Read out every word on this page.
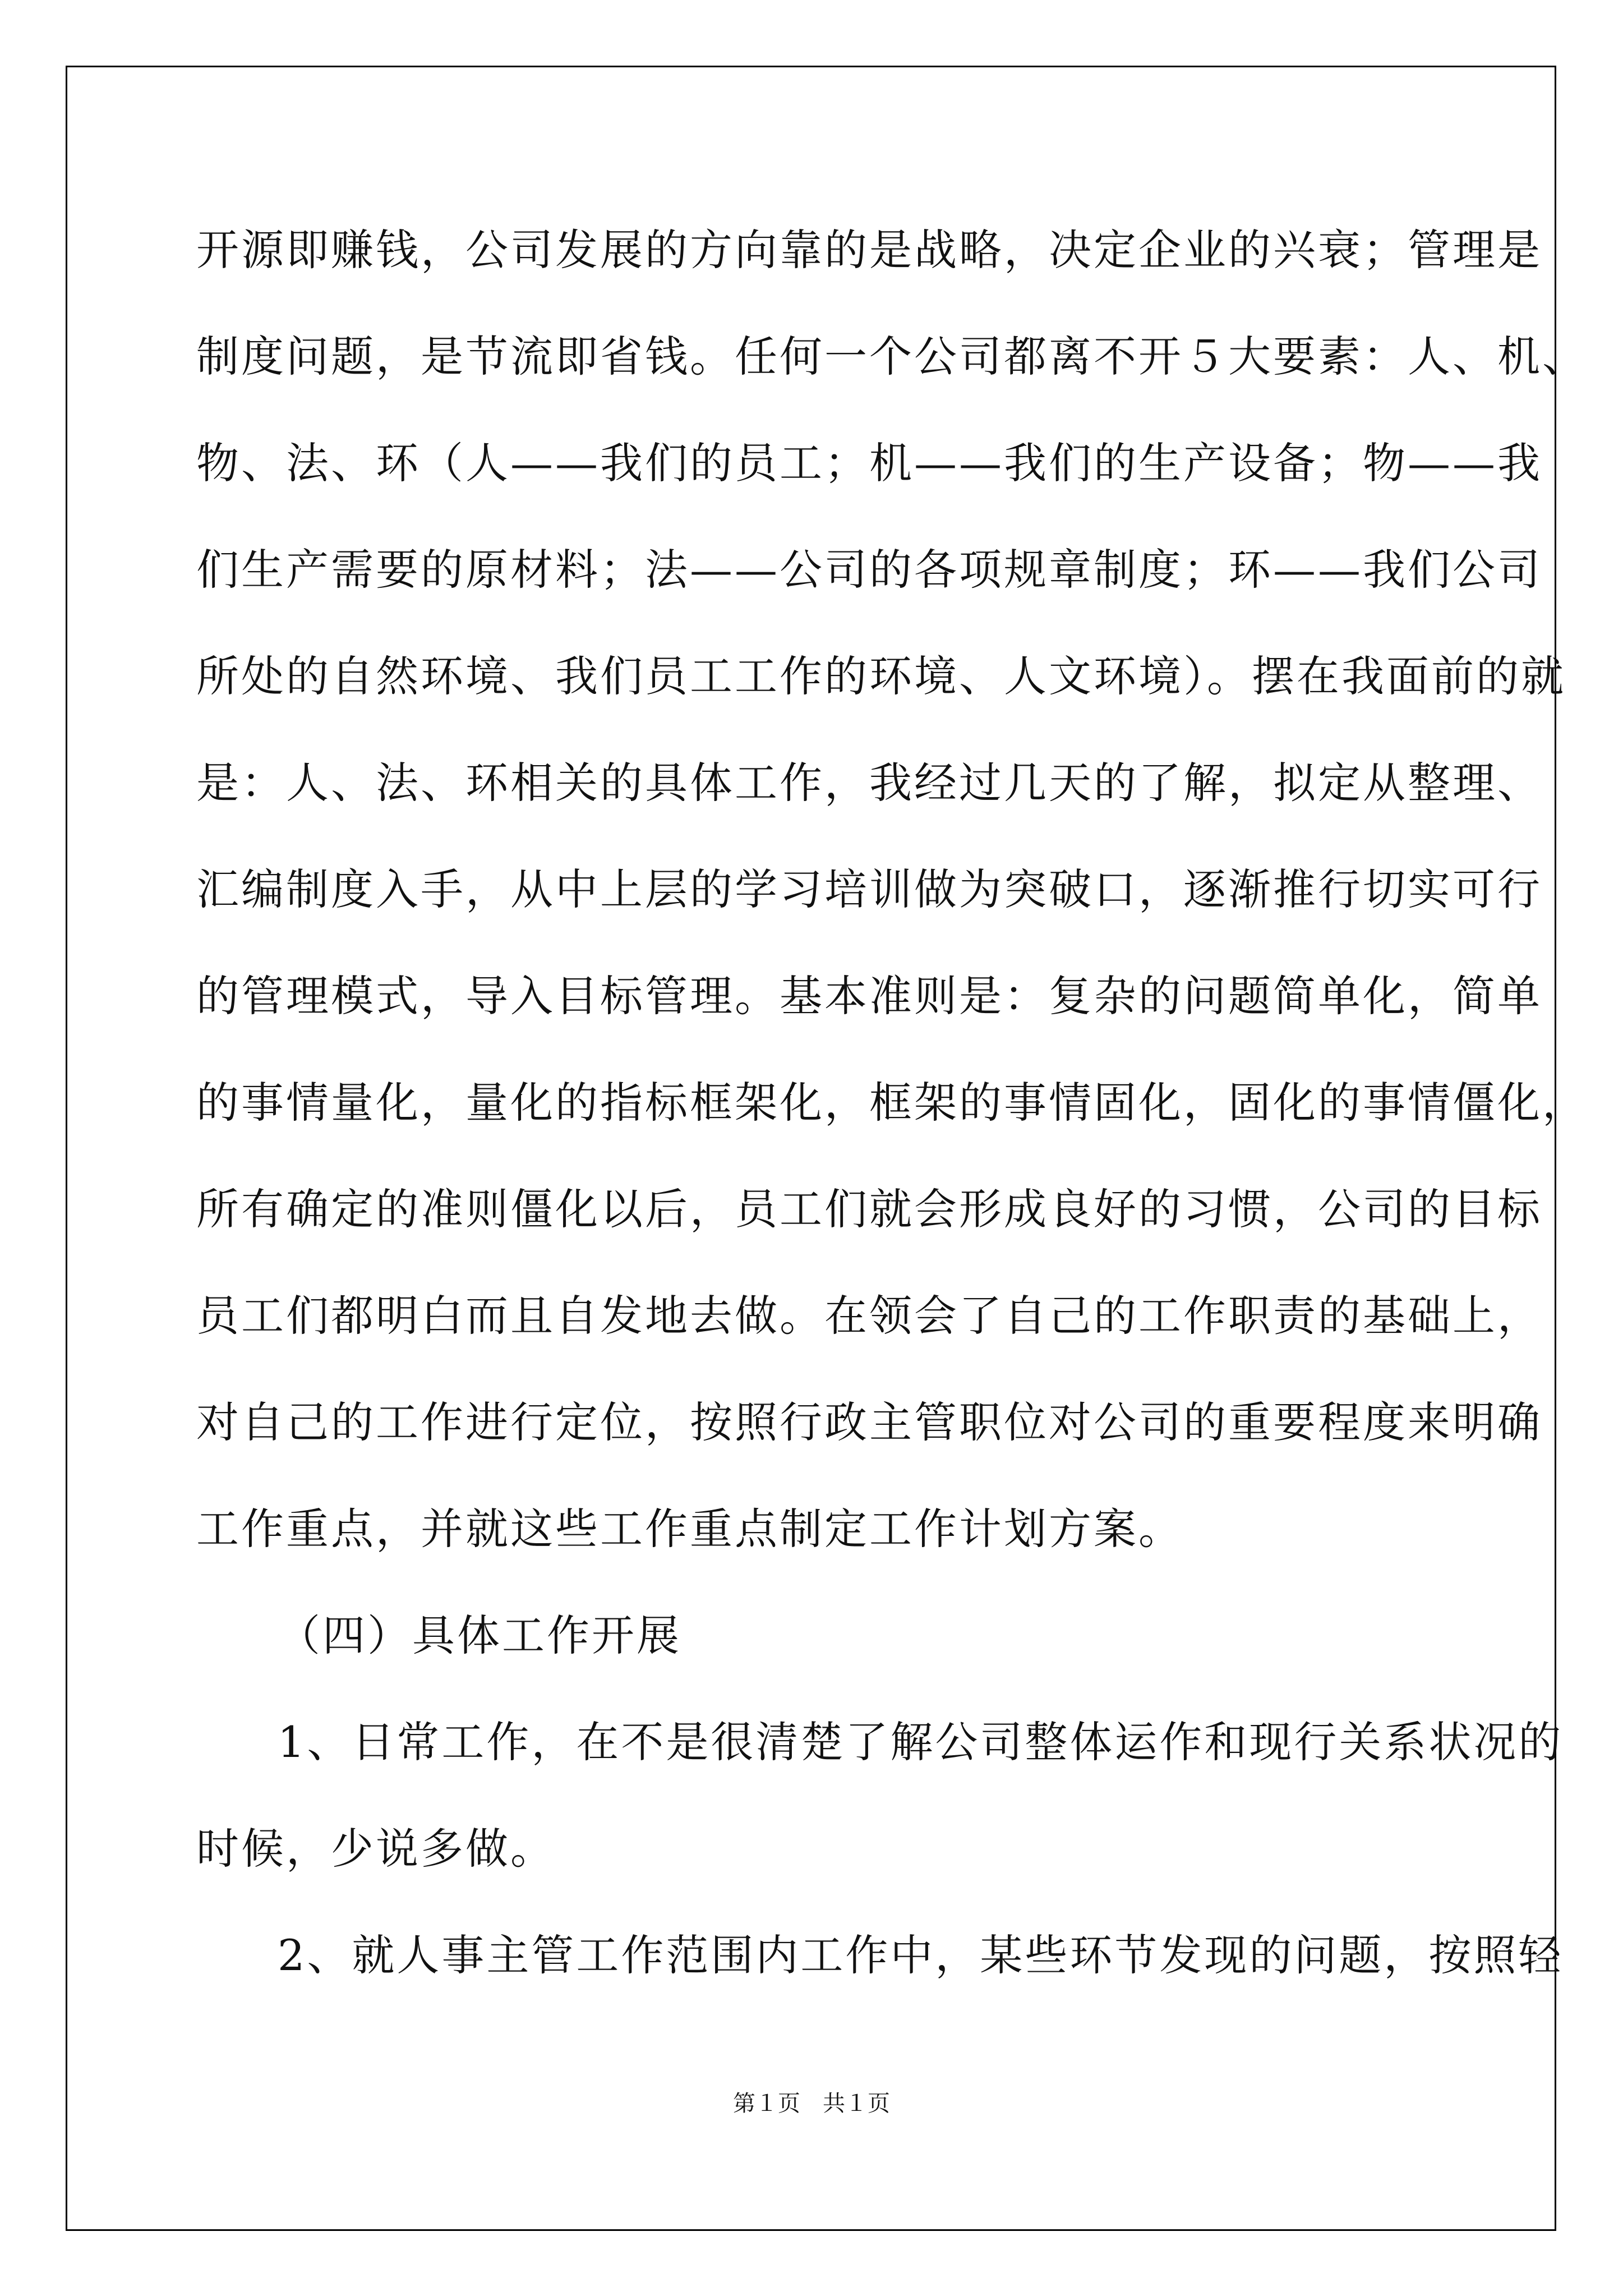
开源即赚钱，公司发展的方向靠的是战略，决定企业的兴衰；管理是
制度问题，是节流即省钱。任何一个公司都离不开５大要素：人、机、
物、法、环（人——我们的员工；机——我们的生产设备；物——我
们生产需要的原材料；法——公司的各项规章制度；环——我们公司
所处的自然环境、我们员工工作的环境、人文环境）。摆在我面前的就
是：人、法、环相关的具体工作，我经过几天的了解，拟定从整理、
汇编制度入手，从中上层的学习培训做为突破口，逐渐推行切实可行
的管理模式，导入目标管理。基本准则是：复杂的问题简单化，简单
的事情量化，量化的指标框架化，框架的事情固化，固化的事情僵化，
所有确定的准则僵化以后，员工们就会形成良好的习惯，公司的目标
员工们都明白而且自发地去做。在领会了自己的工作职责的基础上，
对自己的工作进行定位，按照行政主管职位对公司的重要程度来明确
工作重点，并就这些工作重点制定工作计划方案。
（四）具体工作开展
1、日常工作，在不是很清楚了解公司整体运作和现行关系状况的
时候，少说多做。
2、就人事主管工作范围内工作中，某些环节发现的问题，按照轻
第１页　共１页
